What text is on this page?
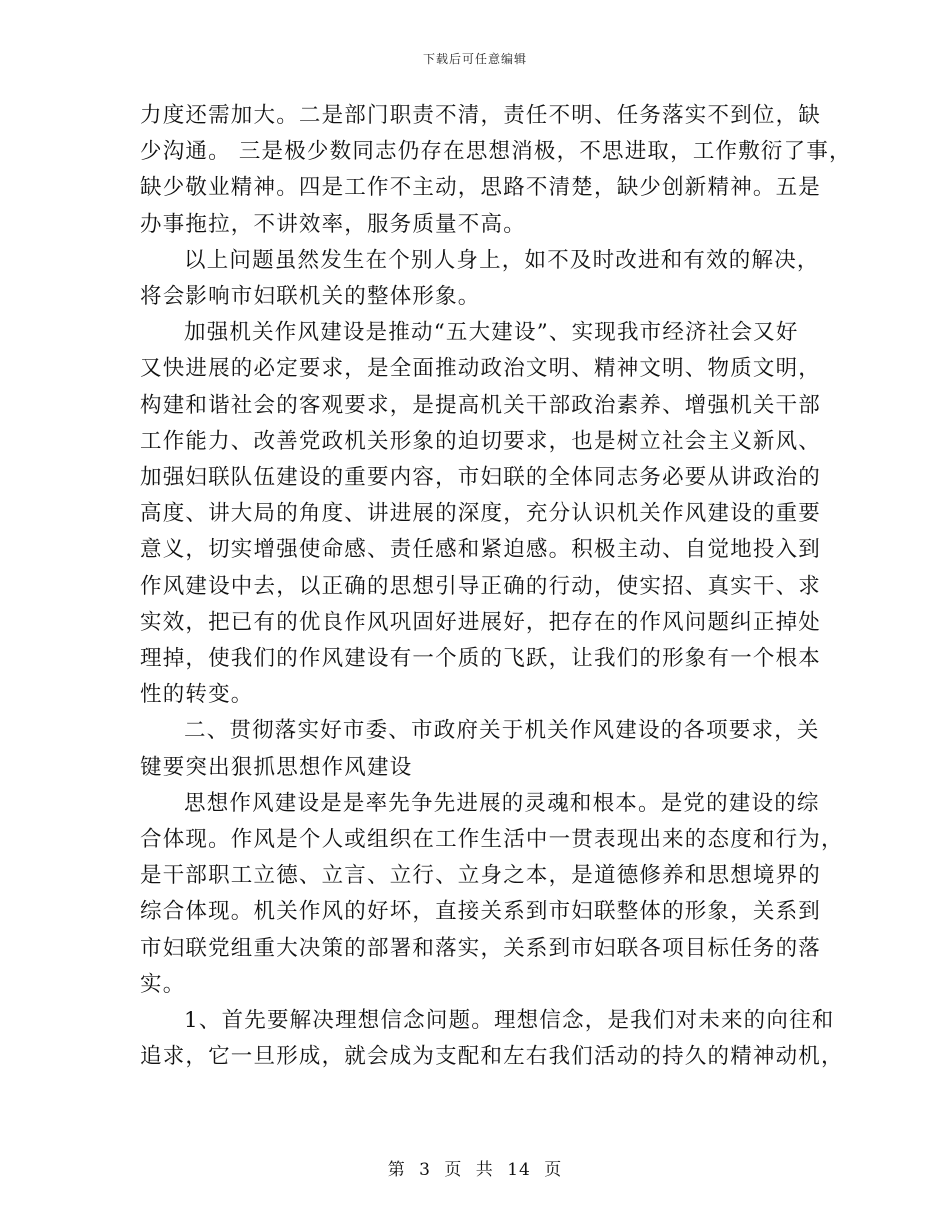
下载后可任意编辑
力度还需加大。二是部门职责不清，责任不明、任务落实不到位，缺
少沟通。 三是极少数同志仍存在思想消极，不思进取，工作敷衍了事，
缺少敬业精神。四是工作不主动，思路不清楚，缺少创新精神。五是
办事拖拉，不讲效率，服务质量不高。
以上问题虽然发生在个别人身上，如不及时改进和有效的解决，
将会影响市妇联机关的整体形象。
加强机关作风建设是推动“五大建设”、实现我市经济社会又好
又快进展的必定要求，是全面推动政治文明、精神文明、物质文明，
构建和谐社会的客观要求，是提高机关干部政治素养、增强机关干部
工作能力、改善党政机关形象的迫切要求，也是树立社会主义新风、
加强妇联队伍建设的重要内容，市妇联的全体同志务必要从讲政治的
高度、讲大局的角度、讲进展的深度，充分认识机关作风建设的重要
意义，切实增强使命感、责任感和紧迫感。积极主动、自觉地投入到
作风建设中去，以正确的思想引导正确的行动，使实招、真实干、求
实效，把已有的优良作风巩固好进展好，把存在的作风问题纠正掉处
理掉，使我们的作风建设有一个质的飞跃，让我们的形象有一个根本
性的转变。
二、贯彻落实好市委、市政府关于机关作风建设的各项要求，关
键要突出狠抓思想作风建设
思想作风建设是是率先争先进展的灵魂和根本。是党的建设的综
合体现。作风是个人或组织在工作生活中一贯表现出来的态度和行为，
是干部职工立德、立言、立行、立身之本，是道德修养和思想境界的
综合体现。机关作风的好坏，直接关系到市妇联整体的形象，关系到
市妇联党组重大决策的部署和落实，关系到市妇联各项目标任务的落
实。
1、首先要解决理想信念问题。理想信念，是我们对未来的向往和
追求，它一旦形成，就会成为支配和左右我们活动的持久的精神动机，
第 3 页 共 14 页
